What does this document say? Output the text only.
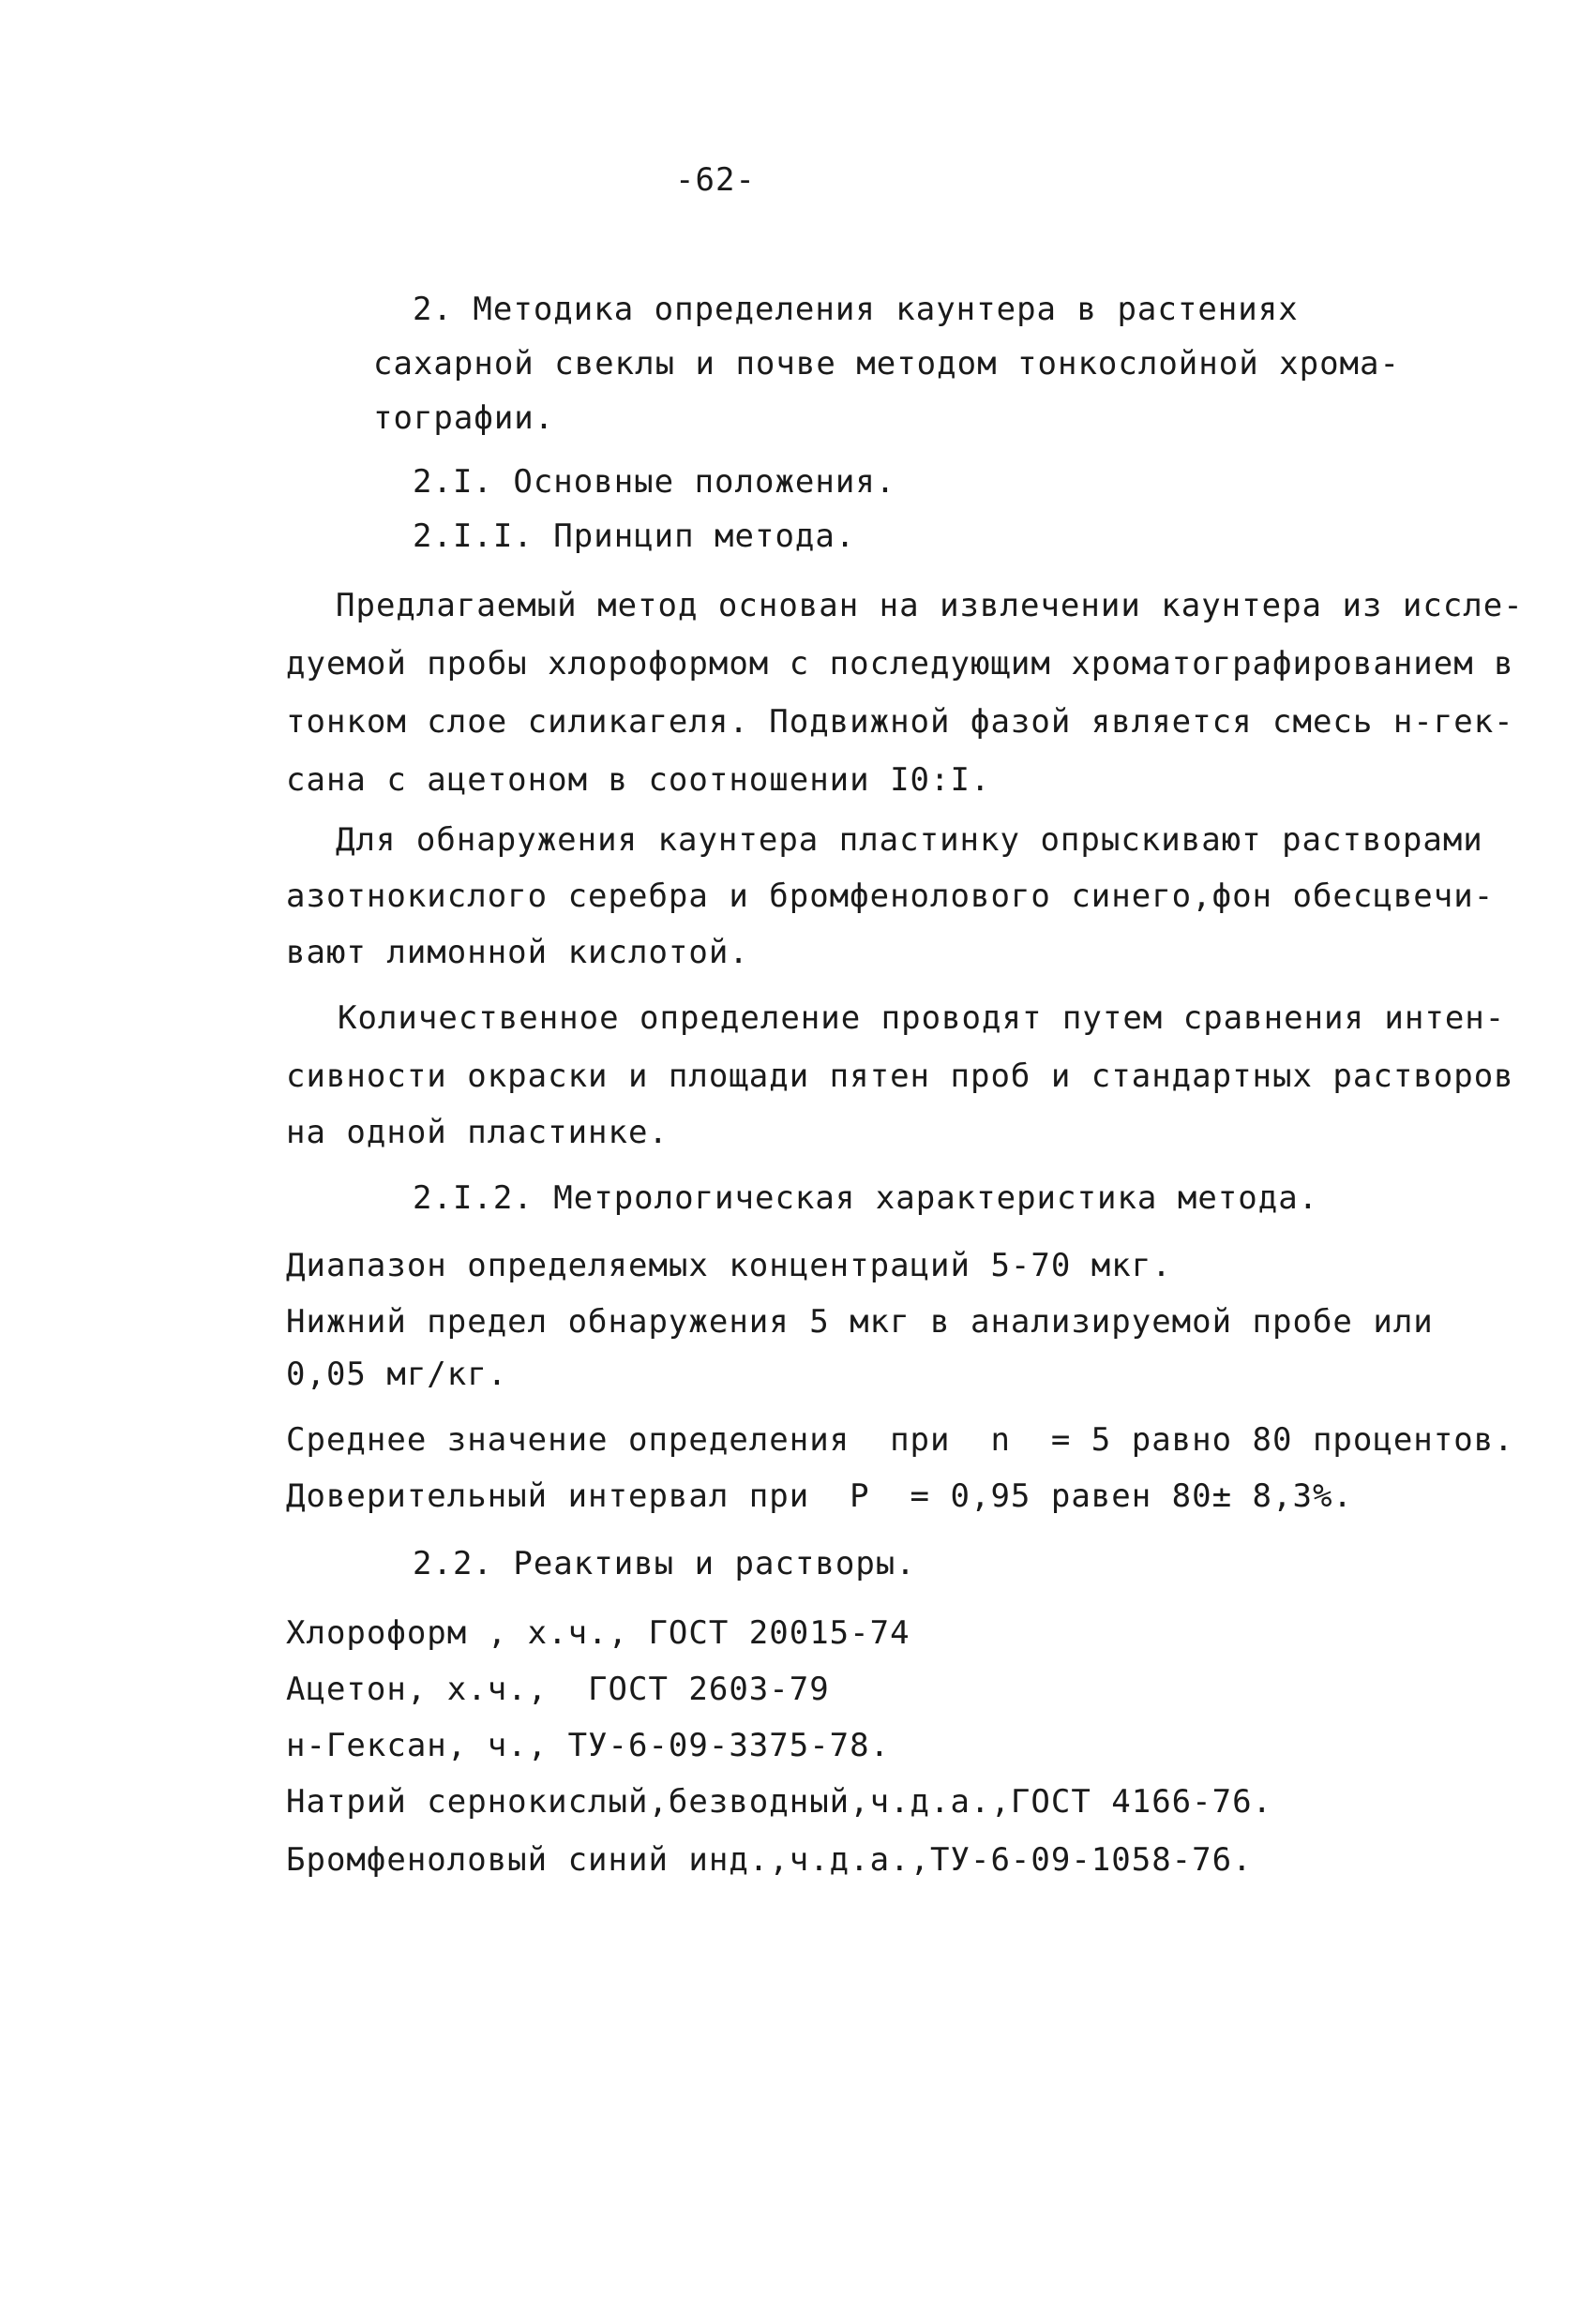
-62-
2. Методика определения каунтера в растениях
сахарной свеклы и почве методом тонкослойной хрома-
тографии.
2.I. Основные положения.
2.I.I. Принцип метода.
Предлагаемый метод основан на извлечении каунтера из иссле-
дуемой пробы хлороформом с последующим хроматографированием в
тонком слое силикагеля. Подвижной фазой является смесь н-гек-
сана с ацетоном в соотношении I0:I.
Для обнаружения каунтера пластинку опрыскивают растворами
азотнокислого серебра и бромфенолового синего,фон обесцвечи-
вают лимонной кислотой.
Количественное определение проводят путем сравнения интен-
сивности окраски и площади пятен проб и стандартных растворов
на одной пластинке.
2.I.2. Метрологическая характеристика метода.
Диапазон определяемых концентраций 5-70 мкг.
Нижний предел обнаружения 5 мкг в анализируемой пробе или
0,05 мг/кг.
Среднее значение определения  при  n  = 5 равно 80 процентов.
Доверительный интервал при  P  = 0,95 равен 80± 8,3%.
2.2. Реактивы и растворы.
Хлороформ , х.ч., ГОСТ 20015-74
Ацетон, х.ч.,  ГОСТ 2603-79
н-Гексан, ч., ТУ-6-09-3375-78.
Натрий сернокислый,безводный,ч.д.а.,ГОСТ 4166-76.
Бромфеноловый синий инд.,ч.д.а.,ТУ-6-09-1058-76.
